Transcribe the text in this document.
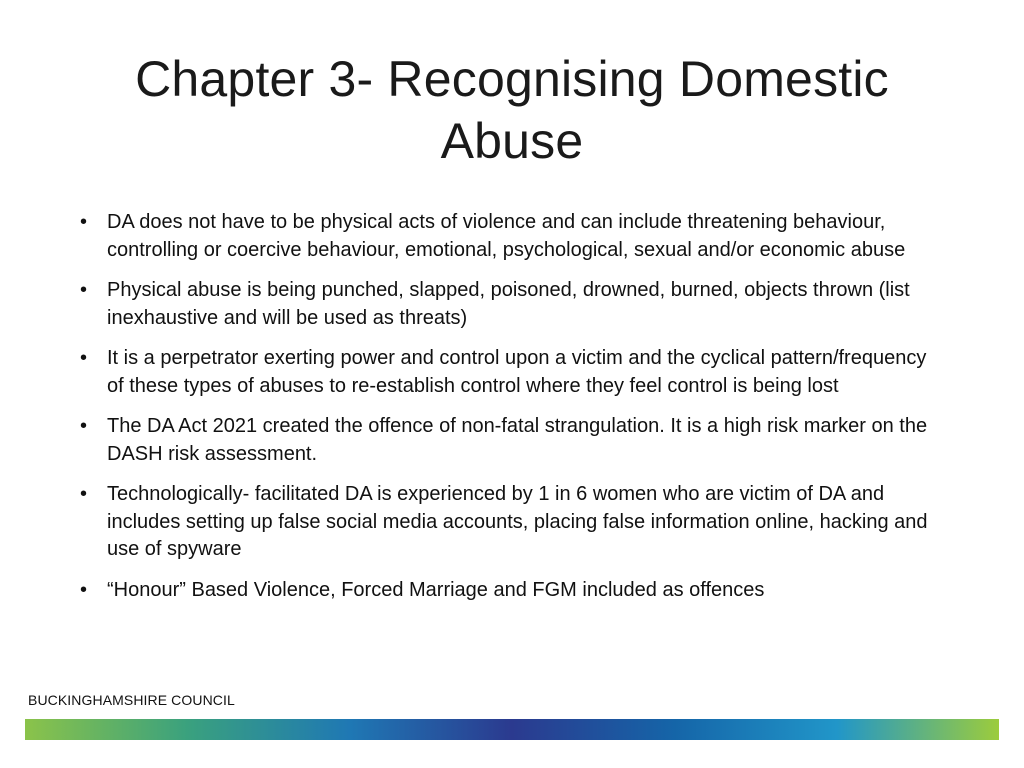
Chapter 3- Recognising Domestic Abuse
• DA does not have to be physical acts of violence and can include threatening behaviour, controlling or coercive behaviour, emotional, psychological, sexual and/or economic abuse
• Physical abuse is being punched, slapped, poisoned, drowned, burned, objects thrown (list inexhaustive and will be used as threats)
• It is a perpetrator exerting power and control upon a victim and the cyclical pattern/frequency of these types of abuses to re-establish control where they feel control is being lost
• The DA Act 2021 created the offence of non-fatal strangulation. It is a high risk marker on the DASH risk assessment.
• Technologically- facilitated DA is experienced by 1 in 6 women who are victim of DA and includes setting up false social media accounts, placing false information online, hacking and use of spyware
• “Honour” Based Violence, Forced Marriage and FGM included as offences
BUCKINGHAMSHIRE COUNCIL
